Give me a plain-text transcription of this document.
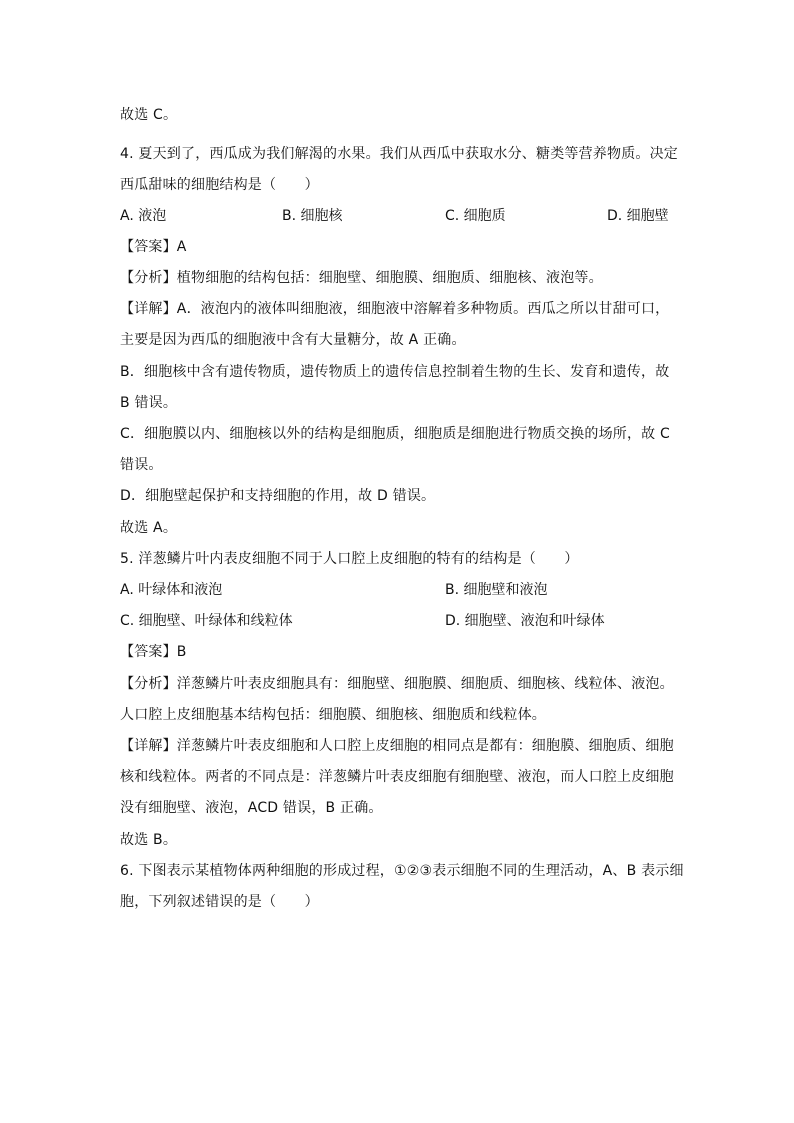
故选 C。
4. 夏天到了，西瓜成为我们解渴的水果。我们从西瓜中获取水分、糖类等营养物质。决定
西瓜甜味的细胞结构是（　　）
A. 液泡	B. 细胞核	C. 细胞质	D. 细胞壁
【答案】A
【分析】植物细胞的结构包括：细胞壁、细胞膜、细胞质、细胞核、液泡等。
【详解】A．液泡内的液体叫细胞液，细胞液中溶解着多种物质。西瓜之所以甘甜可口，
主要是因为西瓜的细胞液中含有大量糖分，故 A 正确。
B．细胞核中含有遗传物质，遗传物质上的遗传信息控制着生物的生长、发育和遗传，故
B 错误。
C．细胞膜以内、细胞核以外的结构是细胞质，细胞质是细胞进行物质交换的场所，故 C
错误。
D．细胞壁起保护和支持细胞的作用，故 D 错误。
故选 A。
5. 洋葱鳞片叶内表皮细胞不同于人口腔上皮细胞的特有的结构是（　　）
A. 叶绿体和液泡	B. 细胞壁和液泡
C. 细胞壁、叶绿体和线粒体	D. 细胞壁、液泡和叶绿体
【答案】B
【分析】洋葱鳞片叶表皮细胞具有：细胞壁、细胞膜、细胞质、细胞核、线粒体、液泡。
人口腔上皮细胞基本结构包括：细胞膜、细胞核、细胞质和线粒体。
【详解】洋葱鳞片叶表皮细胞和人口腔上皮细胞的相同点是都有：细胞膜、细胞质、细胞
核和线粒体。两者的不同点是：洋葱鳞片叶表皮细胞有细胞壁、液泡，而人口腔上皮细胞
没有细胞壁、液泡，ACD 错误，B 正确。
故选 B。
6. 下图表示某植物体两种细胞的形成过程，①②③表示细胞不同的生理活动，A、B 表示细
胞，下列叙述错误的是（　　）
